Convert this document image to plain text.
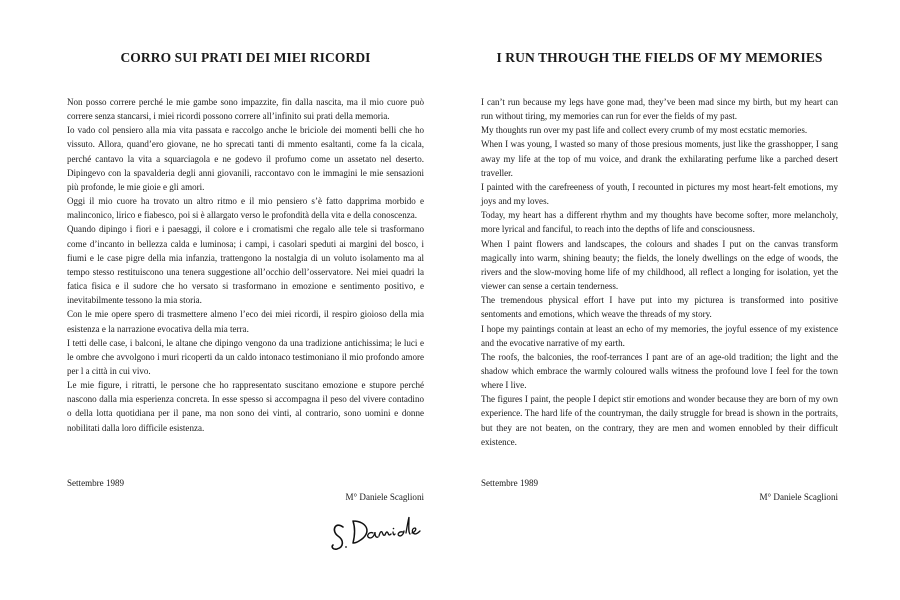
CORRO SUI PRATI DEI MIEI RICORDI

Non posso correre perché le mie gambe sono impazzite, fin dalla nascita, ma il mio cuore può correre senza stancarsi, i miei ricordi possono correre all’infinito sui prati della memoria.

Io vado col pensiero alla mia vita passata e raccolgo anche le briciole dei momenti belli che ho vissuto. Allora, quand’ero giovane, ne ho sprecati tanti di mmento esaltanti, come fa la cicala, perché cantavo la vita a squarciagola e ne godevo il profumo come un assetato nel deserto. Dipingevo con la spavalderia degli anni giovanili, raccontavo con le immagini le mie sensazioni più profonde, le mie gioie e gli amori.

Oggi il mio cuore ha trovato un altro ritmo e il mio pensiero s’è fatto dapprima morbido e malinconico, lirico e fiabesco, poi si è allargato verso le profondità della vita e della conoscenza.

Quando dipingo i fiori e i paesaggi, il colore e i cromatismi che regalo alle tele si trasformano come d’incanto in bellezza calda e luminosa; i campi, i casolari speduti ai margini del bosco, i fiumi e le case pigre della mia infanzia, trattengono la nostalgia di un voluto isolamento ma al tempo stesso restituiscono una tenera suggestione all’occhio dell’osservatore. Nei miei quadri la fatica fisica e il sudore che ho versato si trasformano in emozione e sentimento positivo, e inevitabilmente tessono la mia storia.

Con le mie opere spero di trasmettere almeno l’eco dei miei ricordi, il respiro gioioso della mia esistenza e la narrazione evocativa della mia terra.

I tetti delle case, i balconi, le altane che dipingo vengono da una tradizione antichissima; le luci e le ombre che avvolgono i muri ricoperti da un caldo intonaco testimoniano il mio profondo amore per l a città in cui vivo.

Le mie figure, i ritratti, le persone che ho rappresentato suscitano emozione e stupore perché nascono dalla mia esperienza concreta. In esse spesso si accompagna il peso del vivere contadino o della lotta quotidiana per il pane, ma non sono dei vinti, al contrario, sono uomini e donne nobilitati dalla loro difficile esistenza.

Settembre 1989

M° Daniele Scaglioni

I RUN THROUGH THE FIELDS OF MY MEMORIES

I can’t run because my legs have gone mad, they’ve been mad since my birth, but my heart can run without tiring, my memories can run for ever the fields of my past.

My thoughts run over my past life and collect every crumb of my most ecstatic memories.

When I was young, I wasted so many of those presious moments, just like the grasshopper, I sang away my life at the top of mu voice, and drank the exhilarating perfume like a parched desert traveller.

I painted with the carefreeness of youth, I recounted in pictures my most heart-felt emotions, my joys and my loves.

Today, my heart has a different rhythm and my thoughts have become softer, more melancholy, more lyrical and fanciful, to reach into the depths of life and consciousness.

When I paint flowers and landscapes, the colours and shades I put on the canvas transform magically into warm, shining beauty; the fields, the lonely dwellings on the edge of woods, the rivers and the slow-moving home life of my childhood, all reflect a longing for isolation, yet the viewer can sense a certain tenderness.

The tremendous physical effort I have put into my picturea is transformed into positive sentoments and emotions, which weave the threads of my story.

I hope my paintings contain at least an echo of my memories, the joyful essence of my existence and the evocative narrative of my earth.

The roofs, the balconies, the roof-terrances I pant are of an age-old tradition; the light and the shadow which embrace the warmly coloured walls witness the profound love I feel for the town where I live.

The figures I paint, the people I depict stir emotions and wonder because they are born of my own experience. The hard life of the countryman, the daily struggle for bread is shown in the portraits, but they are not beaten, on the contrary, they are men and women ennobled by their difficult existence.

Settembre 1989

M° Daniele Scaglioni
